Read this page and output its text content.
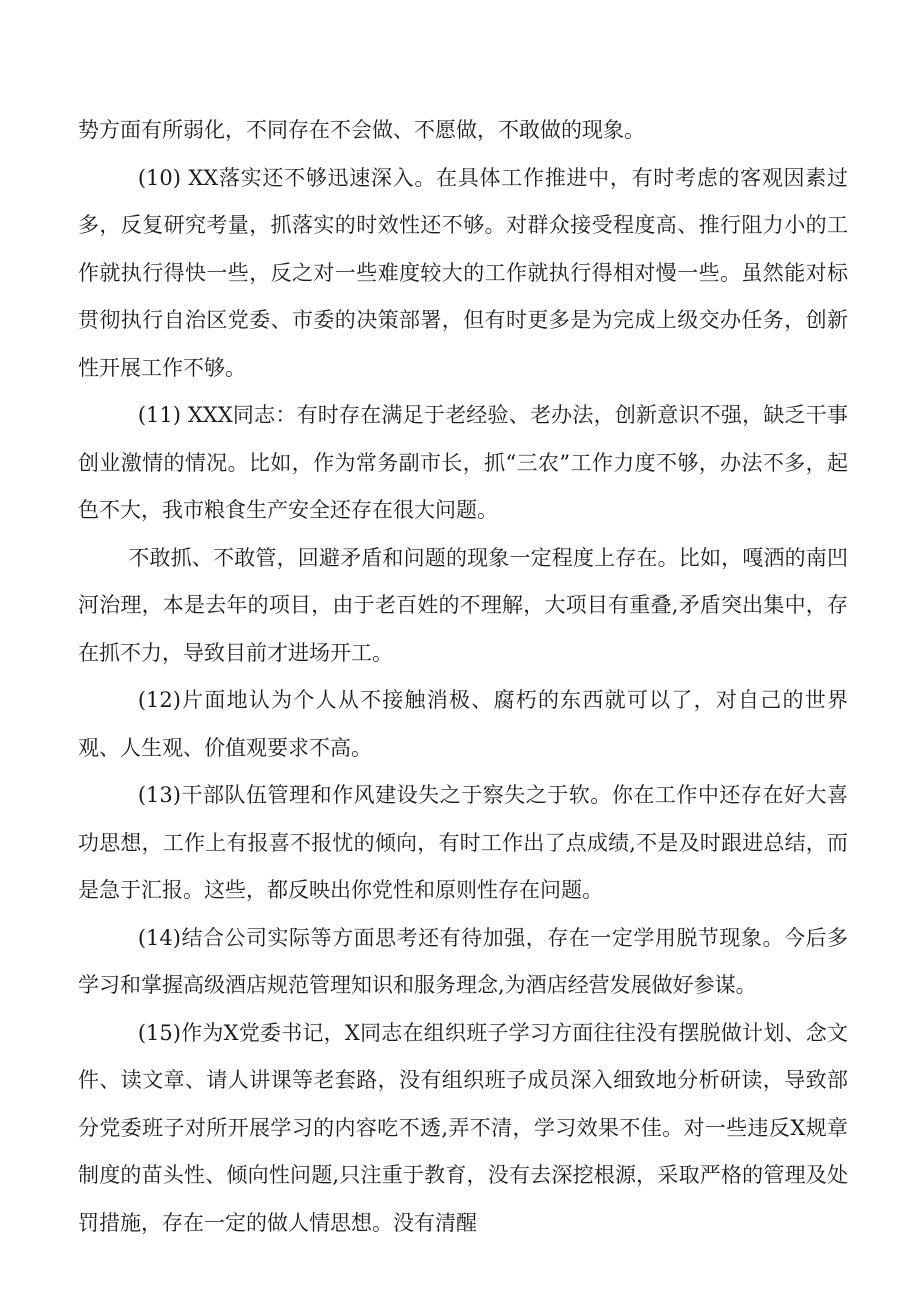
势方面有所弱化，不同存在不会做、不愿做，不敢做的现象。

(10) XX落实还不够迅速深入。在具体工作推进中，有时考虑的客观因素过多，反复研究考量，抓落实的时效性还不够。对群众接受程度高、推行阻力小的工作就执行得快一些，反之对一些难度较大的工作就执行得相对慢一些。虽然能对标贯彻执行自治区党委、市委的决策部署，但有时更多是为完成上级交办任务，创新性开展工作不够。

(11) XXX同志：有时存在满足于老经验、老办法，创新意识不强，缺乏干事创业激情的情况。比如，作为常务副市长，抓“三农”工作力度不够，办法不多，起色不大，我市粮食生产安全还存在很大问题。

不敢抓、不敢管，回避矛盾和问题的现象一定程度上存在。比如，嘎洒的南凹河治理，本是去年的项目，由于老百姓的不理解，大项目有重叠,矛盾突出集中，存在抓不力，导致目前才进场开工。

(12)片面地认为个人从不接触消极、腐朽的东西就可以了，对自己的世界观、人生观、价值观要求不高。

(13)干部队伍管理和作风建设失之于察失之于软。你在工作中还存在好大喜功思想，工作上有报喜不报忧的倾向，有时工作出了点成绩,不是及时跟进总结，而是急于汇报。这些，都反映出你党性和原则性存在问题。

(14)结合公司实际等方面思考还有待加强，存在一定学用脱节现象。今后多学习和掌握高级酒店规范管理知识和服务理念,为酒店经营发展做好参谋。

(15)作为X党委书记，X同志在组织班子学习方面往往没有摆脱做计划、念文件、读文章、请人讲课等老套路，没有组织班子成员深入细致地分析研读，导致部分党委班子对所开展学习的内容吃不透,弄不清，学习效果不佳。对一些违反X规章制度的苗头性、倾向性问题,只注重于教育，没有去深挖根源，采取严格的管理及处罚措施，存在一定的做人情思想。没有清醒
